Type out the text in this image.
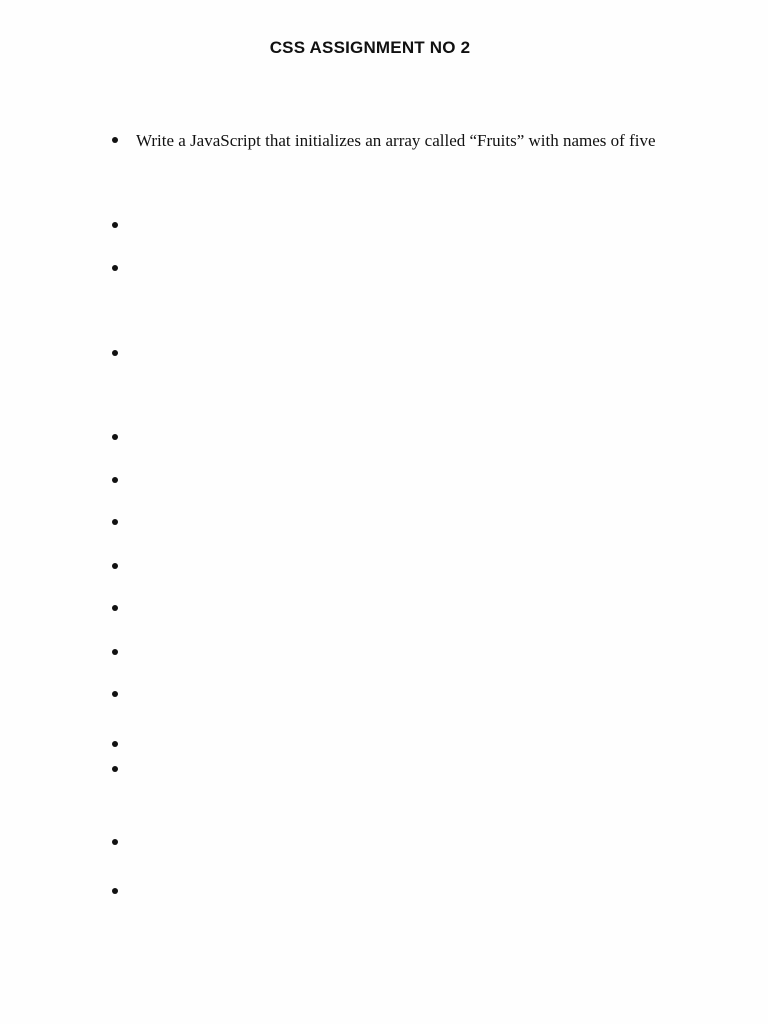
CSS ASSIGNMENT NO 2
Write a JavaScript that initializes an array called “Fruits” with names of five
